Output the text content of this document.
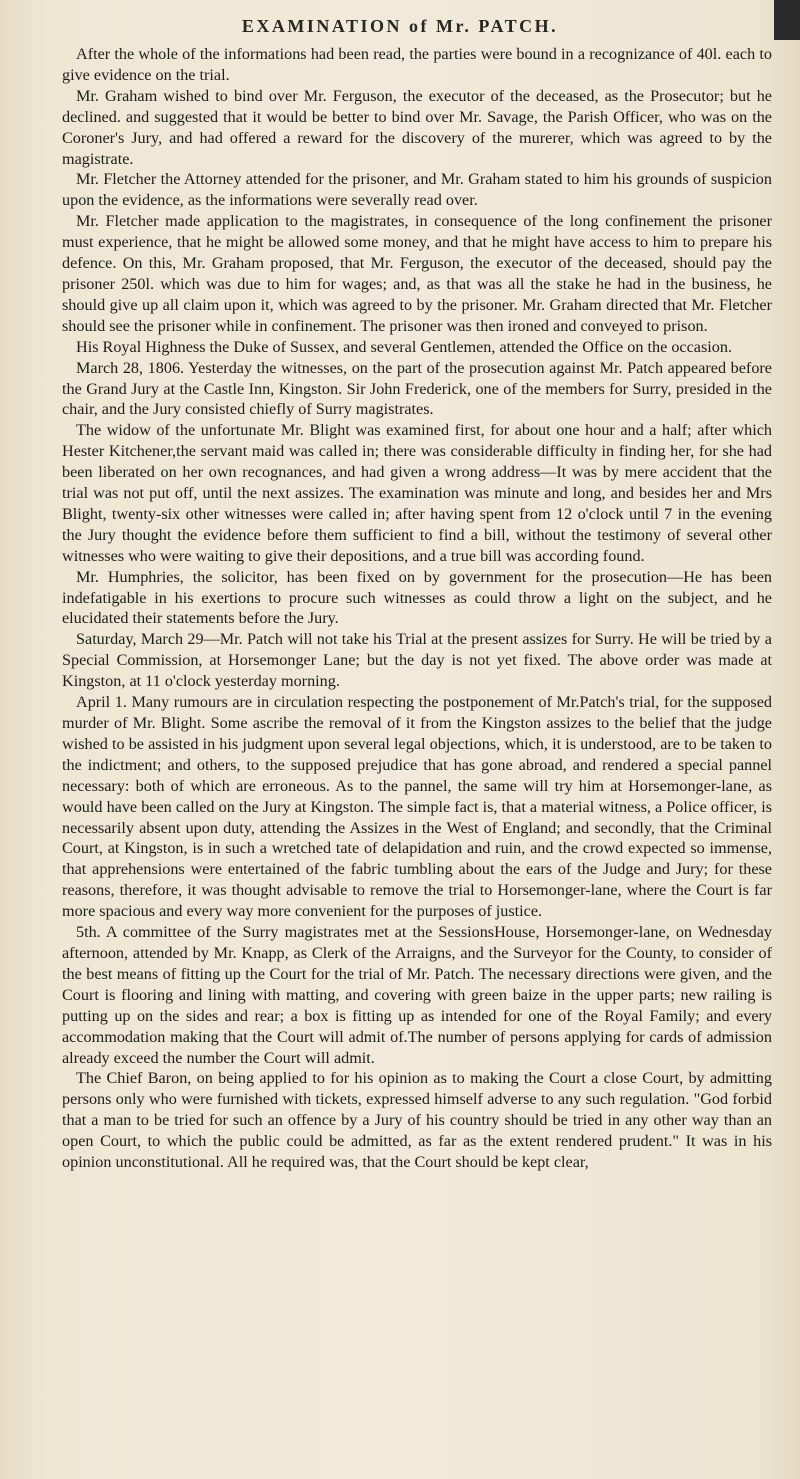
EXAMINATION of Mr. PATCH.

After the whole of the informations had been read, the parties were bound in a recognizance of 40l. each to give evidence on the trial.

Mr. Graham wished to bind over Mr. Ferguson, the executor of the deceased, as the Prosecutor; but he declined. and suggested that it would be better to bind over Mr. Savage, the Parish Officer, who was on the Coroner's Jury, and had offered a reward for the discovery of the murerer, which was agreed to by the magistrate.

Mr. Fletcher the Attorney attended for the prisoner, and Mr. Graham stated to him his grounds of suspicion upon the evidence, as the informations were severally read over.

Mr. Fletcher made application to the magistrates, in consequence of the long confinement the prisoner must experience, that he might be allowed some money, and that he might have access to him to prepare his defence. On this, Mr. Graham proposed, that Mr. Ferguson, the executor of the deceased, should pay the prisoner 250l. which was due to him for wages; and, as that was all the stake he had in the business, he should give up all claim upon it, which was agreed to by the prisoner. Mr. Graham directed that Mr. Fletcher should see the prisoner while in confinement. The prisoner was then ironed and conveyed to prison.

His Royal Highness the Duke of Sussex, and several Gentlemen, attended the Office on the occasion.

March 28, 1806. Yesterday the witnesses, on the part of the prosecution against Mr. Patch appeared before the Grand Jury at the Castle Inn, Kingston. Sir John Frederick, one of the members for Surry, presided in the chair, and the Jury consisted chiefly of Surry magistrates.

The widow of the unfortunate Mr. Blight was examined first, for about one hour and a half; after which Hester Kitchener,the servant maid was called in; there was considerable difficulty in finding her, for she had been liberated on her own recognances, and had given a wrong address—It was by mere accident that the trial was not put off, until the next assizes. The examination was minute and long, and besides her and Mrs Blight, twenty-six other witnesses were called in; after having spent from 12 o'clock until 7 in the evening the Jury thought the evidence before them sufficient to find a bill, without the testimony of several other witnesses who were waiting to give their depositions, and a true bill was according found.

Mr. Humphries, the solicitor, has been fixed on by government for the prosecution—He has been indefatigable in his exertions to procure such witnesses as could throw a light on the subject, and he elucidated their statements before the Jury.

Saturday, March 29—Mr. Patch will not take his Trial at the present assizes for Surry. He will be tried by a Special Commission, at Horsemonger Lane; but the day is not yet fixed. The above order was made at Kingston, at 11 o'clock yesterday morning.

April 1. Many rumours are in circulation respecting the postponement of Mr.Patch's trial, for the supposed murder of Mr. Blight. Some ascribe the removal of it from the Kingston assizes to the belief that the judge wished to be assisted in his judgment upon several legal objections, which, it is understood, are to be taken to the indictment; and others, to the supposed prejudice that has gone abroad, and rendered a special pannel necessary: both of which are erroneous. As to the pannel, the same will try him at Horsemonger-lane, as would have been called on the Jury at Kingston. The simple fact is, that a material witness, a Police officer, is necessarily absent upon duty, attending the Assizes in the West of England; and secondly, that the Criminal Court, at Kingston, is in such a wretched tate of delapidation and ruin, and the crowd expected so immense, that apprehensions were entertained of the fabric tumbling about the ears of the Judge and Jury; for these reasons, therefore, it was thought advisable to remove the trial to Horsemonger-lane, where the Court is far more spacious and every way more convenient for the purposes of justice.

5th. A committee of the Surry magistrates met at the SessionsHouse, Horsemonger-lane, on Wednesday afternoon, attended by Mr. Knapp, as Clerk of the Arraigns, and the Surveyor for the County, to consider of the best means of fitting up the Court for the trial of Mr. Patch. The necessary directions were given, and the Court is flooring and lining with matting, and covering with green baize in the upper parts; new railing is putting up on the sides and rear; a box is fitting up as intended for one of the Royal Family; and every accommodation making that the Court will admit of.The number of persons applying for cards of admission already exceed the number the Court will admit.

The Chief Baron, on being applied to for his opinion as to making the Court a close Court, by admitting persons only who were furnished with tickets, expressed himself adverse to any such regulation. "God forbid that a man to be tried for such an offence by a Jury of his country should be tried in any other way than an open Court, to which the public could be admitted, as far as the extent rendered prudent." It was in his opinion unconstitutional. All he required was, that the Court should be kept clear,
